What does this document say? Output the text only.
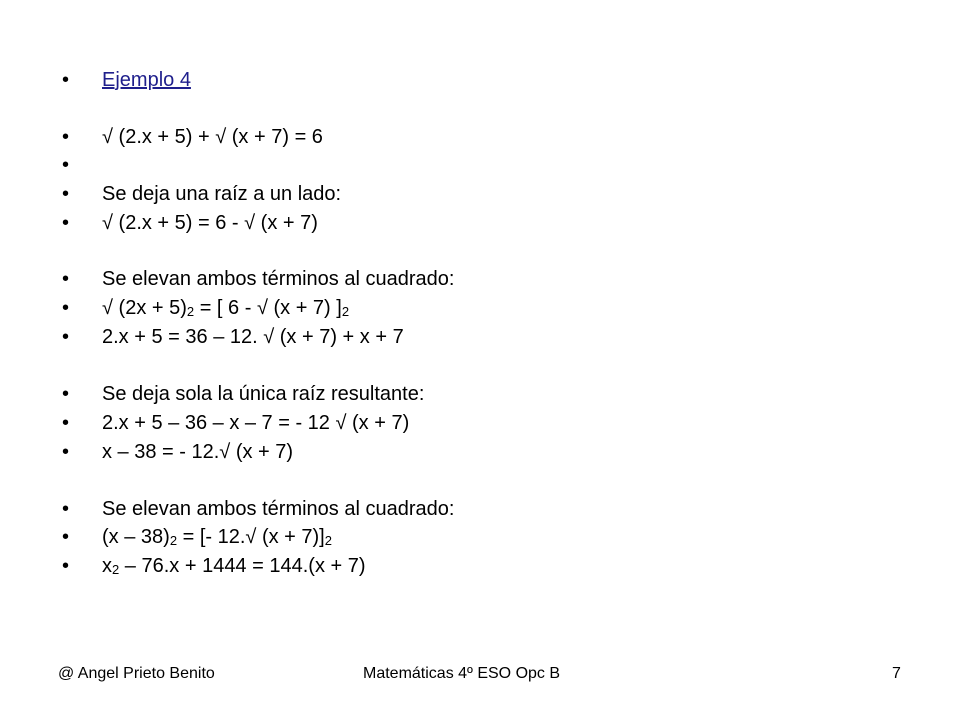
•	Ejemplo 4
•	√ (2.x + 5) + √ (x + 7) = 6
•
•	Se deja una raíz a un lado:
•	√ (2.x + 5) = 6 - √ (x + 7)
•	Se elevan ambos términos al cuadrado:
•	√ $(2x + 5)_2$ = [ 6 - √ (x + 7) ]$_2$
•	2.x + 5 = 36 – 12. √ (x + 7) + x + 7
•	Se deja sola la única raíz resultante:
•	2.x + 5 – 36 – x – 7 = - 12 √ (x + 7)
•	x – 38 = - 12.√ (x + 7)
•	Se elevan ambos términos al cuadrado:
•	$(x - 38)_2$ = [- 12.√ $(x + 7)]_2$
•	$x_2 - 76.x + 1444 = 144.(x + 7)$
@ Angel Prieto Benito	Matemáticas 4º ESO Opc B	7
